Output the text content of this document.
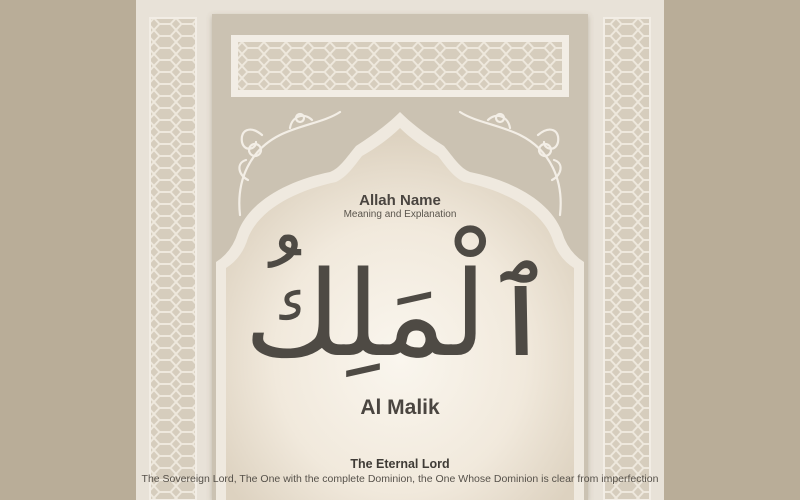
Allah Name
Meaning and Explanation
ٱلْمَلِكُ
Al Malik
The Eternal Lord
The Sovereign Lord, The One with the complete Dominion, the One Whose Dominion is clear from imperfection
